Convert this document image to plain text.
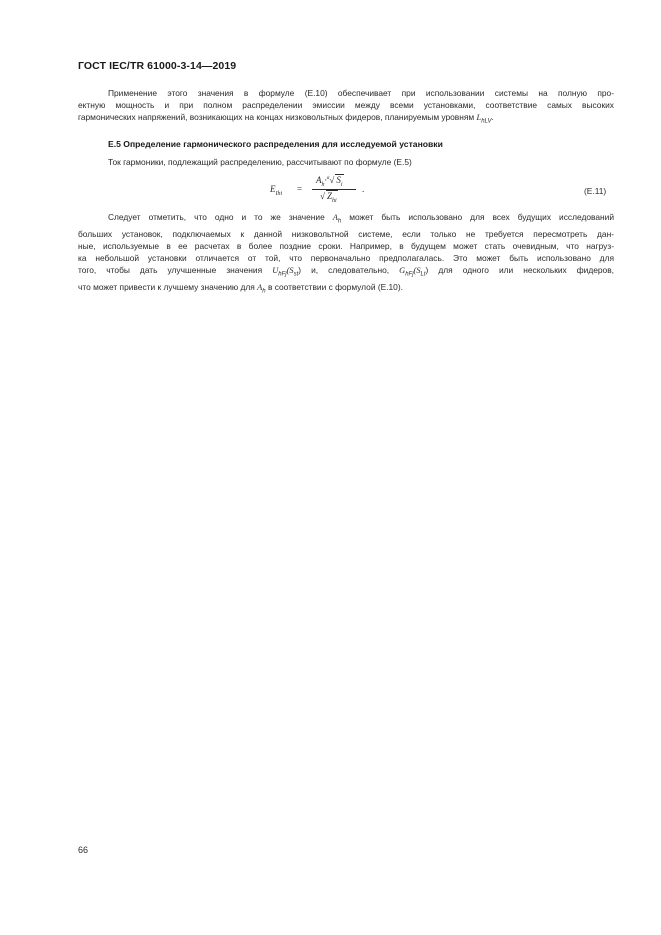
ГОСТ IEC/TR 61000-3-14—2019
Применение этого значения в формуле (Е.10) обеспечивает при использовании системы на полную про-
ектную мощность и при полном распределении эмиссии между всеми установками, соответствие самых высоких
гармонических напряжений, возникающих на концах низковольтных фидеров, планируемым уровням $L_{hLV}$.
Е.5 Определение гармонического распределения для исследуемой установки
Ток гармоники, подлежащий распределению, рассчитывают по формуле (Е.5)
$E_{Ihi}$ =
$A_h\cdot^\alpha√$ $S_i$
√ $Z_{hi}$
.	(Е.11)
Следует отметить, что одно и то же значение $A_h$ может быть использовано для всех будущих исследований
больших установок, подключаемых к данной низковольтной системе, если только не требуется пересмотреть дан-
ные, используемые в ее расчетах в более поздние сроки. Например, в будущем может стать очевидным, что нагруз-
ка небольшой установки отличается от той, что первоначально предполагалась. Это может быть использовано для
того, чтобы дать улучшенные значения $U_{hFj}(S_{st})$ и, следовательно, $G_{hFj}(S_{Lt})$ для одного или нескольких фидеров,
что может привести к лучшему значению для $A_h$ в соответствии с формулой (Е.10).
66
